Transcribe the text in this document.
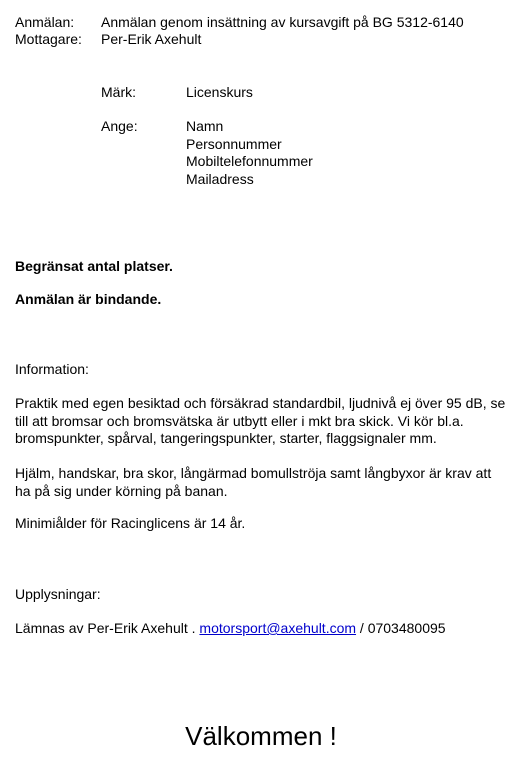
Anmälan: Anmälan genom insättning av kursavgift på BG 5312-6140
Mottagare: Per-Erik Axehult
Märk:	Licenskurs
Ange:	Namn
Personnummer
Mobiltelefonnummer
Mailadress
Begränsat antal platser.
Anmälan är bindande.
Information:
Praktik med egen besiktad och försäkrad standardbil, ljudnivå ej över 95 dB, se till att bromsar och bromsvätska är utbytt eller i mkt bra skick. Vi kör bl.a. bromspunkter, spårval, tangeringspunkter, starter, flaggsignaler mm.
Hjälm, handskar, bra skor, långärmad bomullströja samt långbyxor är krav att ha på sig under körning på banan.
Minimiålder för Racinglicens är 14 år.
Upplysningar:
Lämnas av Per-Erik Axehult . motorsport@axehult.com / 0703480095
Välkommen !
